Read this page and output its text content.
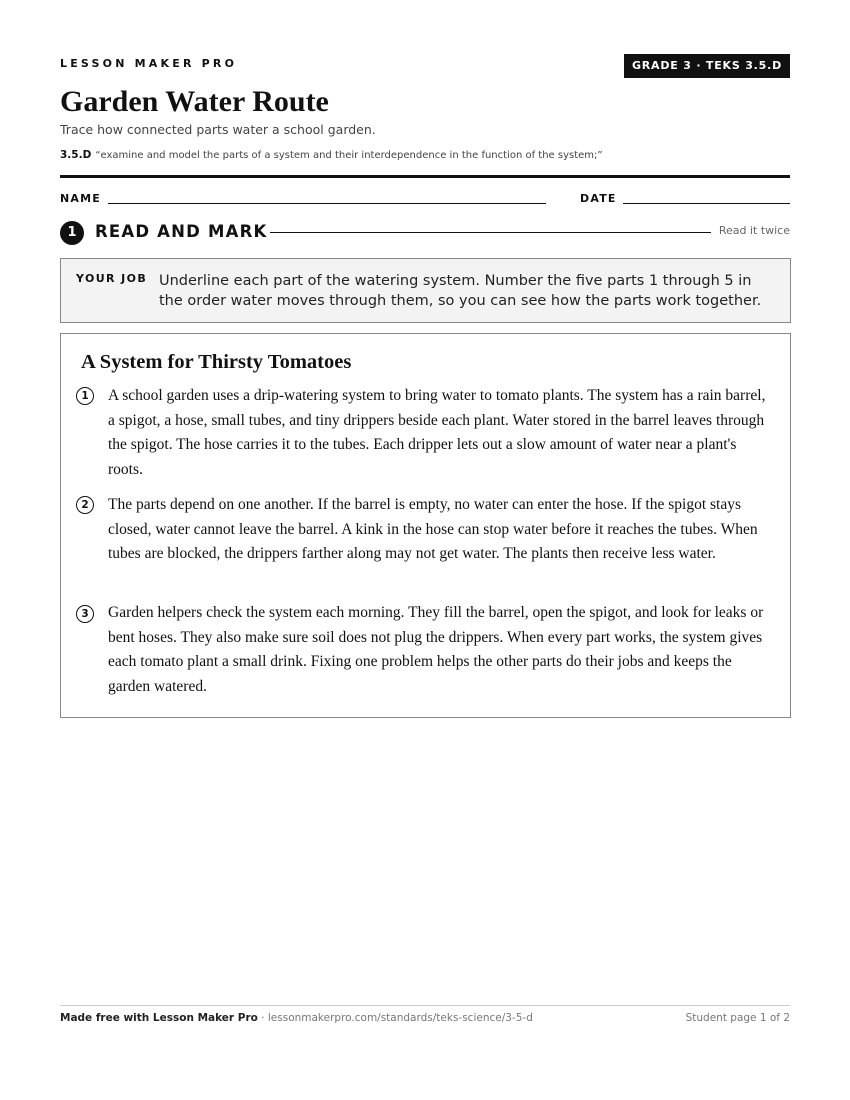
LESSON MAKER PRO	GRADE 3 · TEKS 3.5.D
Garden Water Route
Trace how connected parts water a school garden.
3.5.D “examine and model the parts of a system and their interdependence in the function of the system;”
NAME	DATE
1	READ AND MARK	Read it twice
YOUR JOB Underline each part of the watering system. Number the five parts 1 through 5 in the order water moves through them, so you can see how the parts work together.
A System for Thirsty Tomatoes
1	A school garden uses a drip-watering system to bring water to tomato plants. The system has a rain barrel, a spigot, a hose, small tubes, and tiny drippers beside each plant. Water stored in the barrel leaves through the spigot. The hose carries it to the tubes. Each dripper lets out a slow amount of water near a plant's roots.
2	The parts depend on one another. If the barrel is empty, no water can enter the hose. If the spigot stays closed, water cannot leave the barrel. A kink in the hose can stop water before it reaches the tubes. When tubes are blocked, the drippers farther along may not get water. The plants then receive less water.
3	Garden helpers check the system each morning. They fill the barrel, open the spigot, and look for leaks or bent hoses. They also make sure soil does not plug the drippers. When every part works, the system gives each tomato plant a small drink. Fixing one problem helps the other parts do their jobs and keeps the garden watered.
Made free with Lesson Maker Pro · lessonmakerpro.com/standards/teks-science/3-5-d	Student page 1 of 2
